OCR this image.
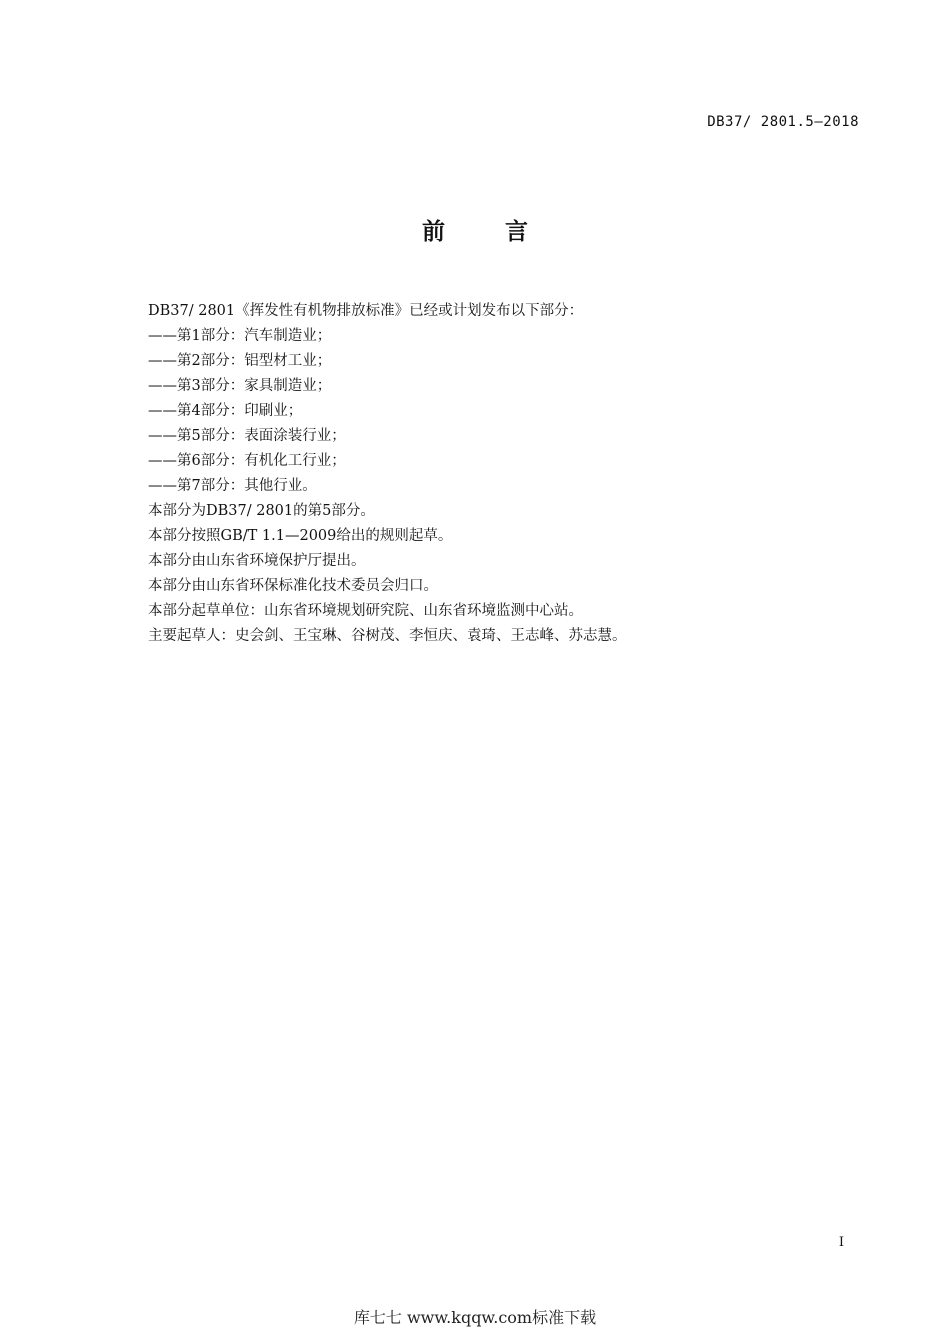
DB37/ 2801.5—2018
前 言
DB37/ 2801《挥发性有机物排放标准》已经或计划发布以下部分：
——第1部分：汽车制造业；
——第2部分：铝型材工业；
——第3部分：家具制造业；
——第4部分：印刷业；
——第5部分：表面涂装行业；
——第6部分：有机化工行业；
——第7部分：其他行业。
本部分为DB37/ 2801的第5部分。
本部分按照GB/T 1.1—2009给出的规则起草。
本部分由山东省环境保护厅提出。
本部分由山东省环保标准化技术委员会归口。
本部分起草单位：山东省环境规划研究院、山东省环境监测中心站。
主要起草人：史会剑、王宝琳、谷树茂、李恒庆、袁琦、王志峰、苏志慧。
I
库七七 www.kqqw.com标准下载
